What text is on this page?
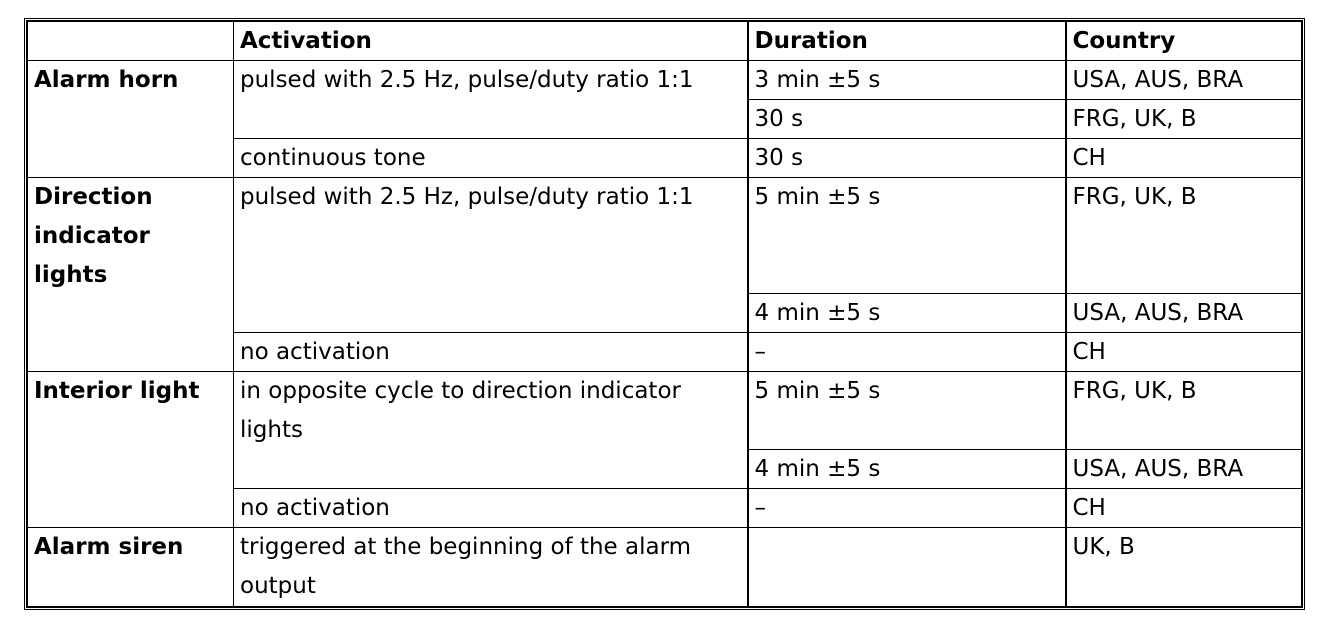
	Activation	Duration	Country
Alarm horn	pulsed with 2.5 Hz, pulse/duty ratio 1:1	3 min ±5 s	USA, AUS, BRA
		30 s	FRG, UK, B
	continuous tone	30 s	CH
Direction indicator lights	pulsed with 2.5 Hz, pulse/duty ratio 1:1	5 min ±5 s	FRG, UK, B
		4 min ±5 s	USA, AUS, BRA
	no activation	–	CH
Interior light	in opposite cycle to direction indicator lights	5 min ±5 s	FRG, UK, B
		4 min ±5 s	USA, AUS, BRA
	no activation	–	CH
Alarm siren	triggered at the beginning of the alarm output		UK, B
